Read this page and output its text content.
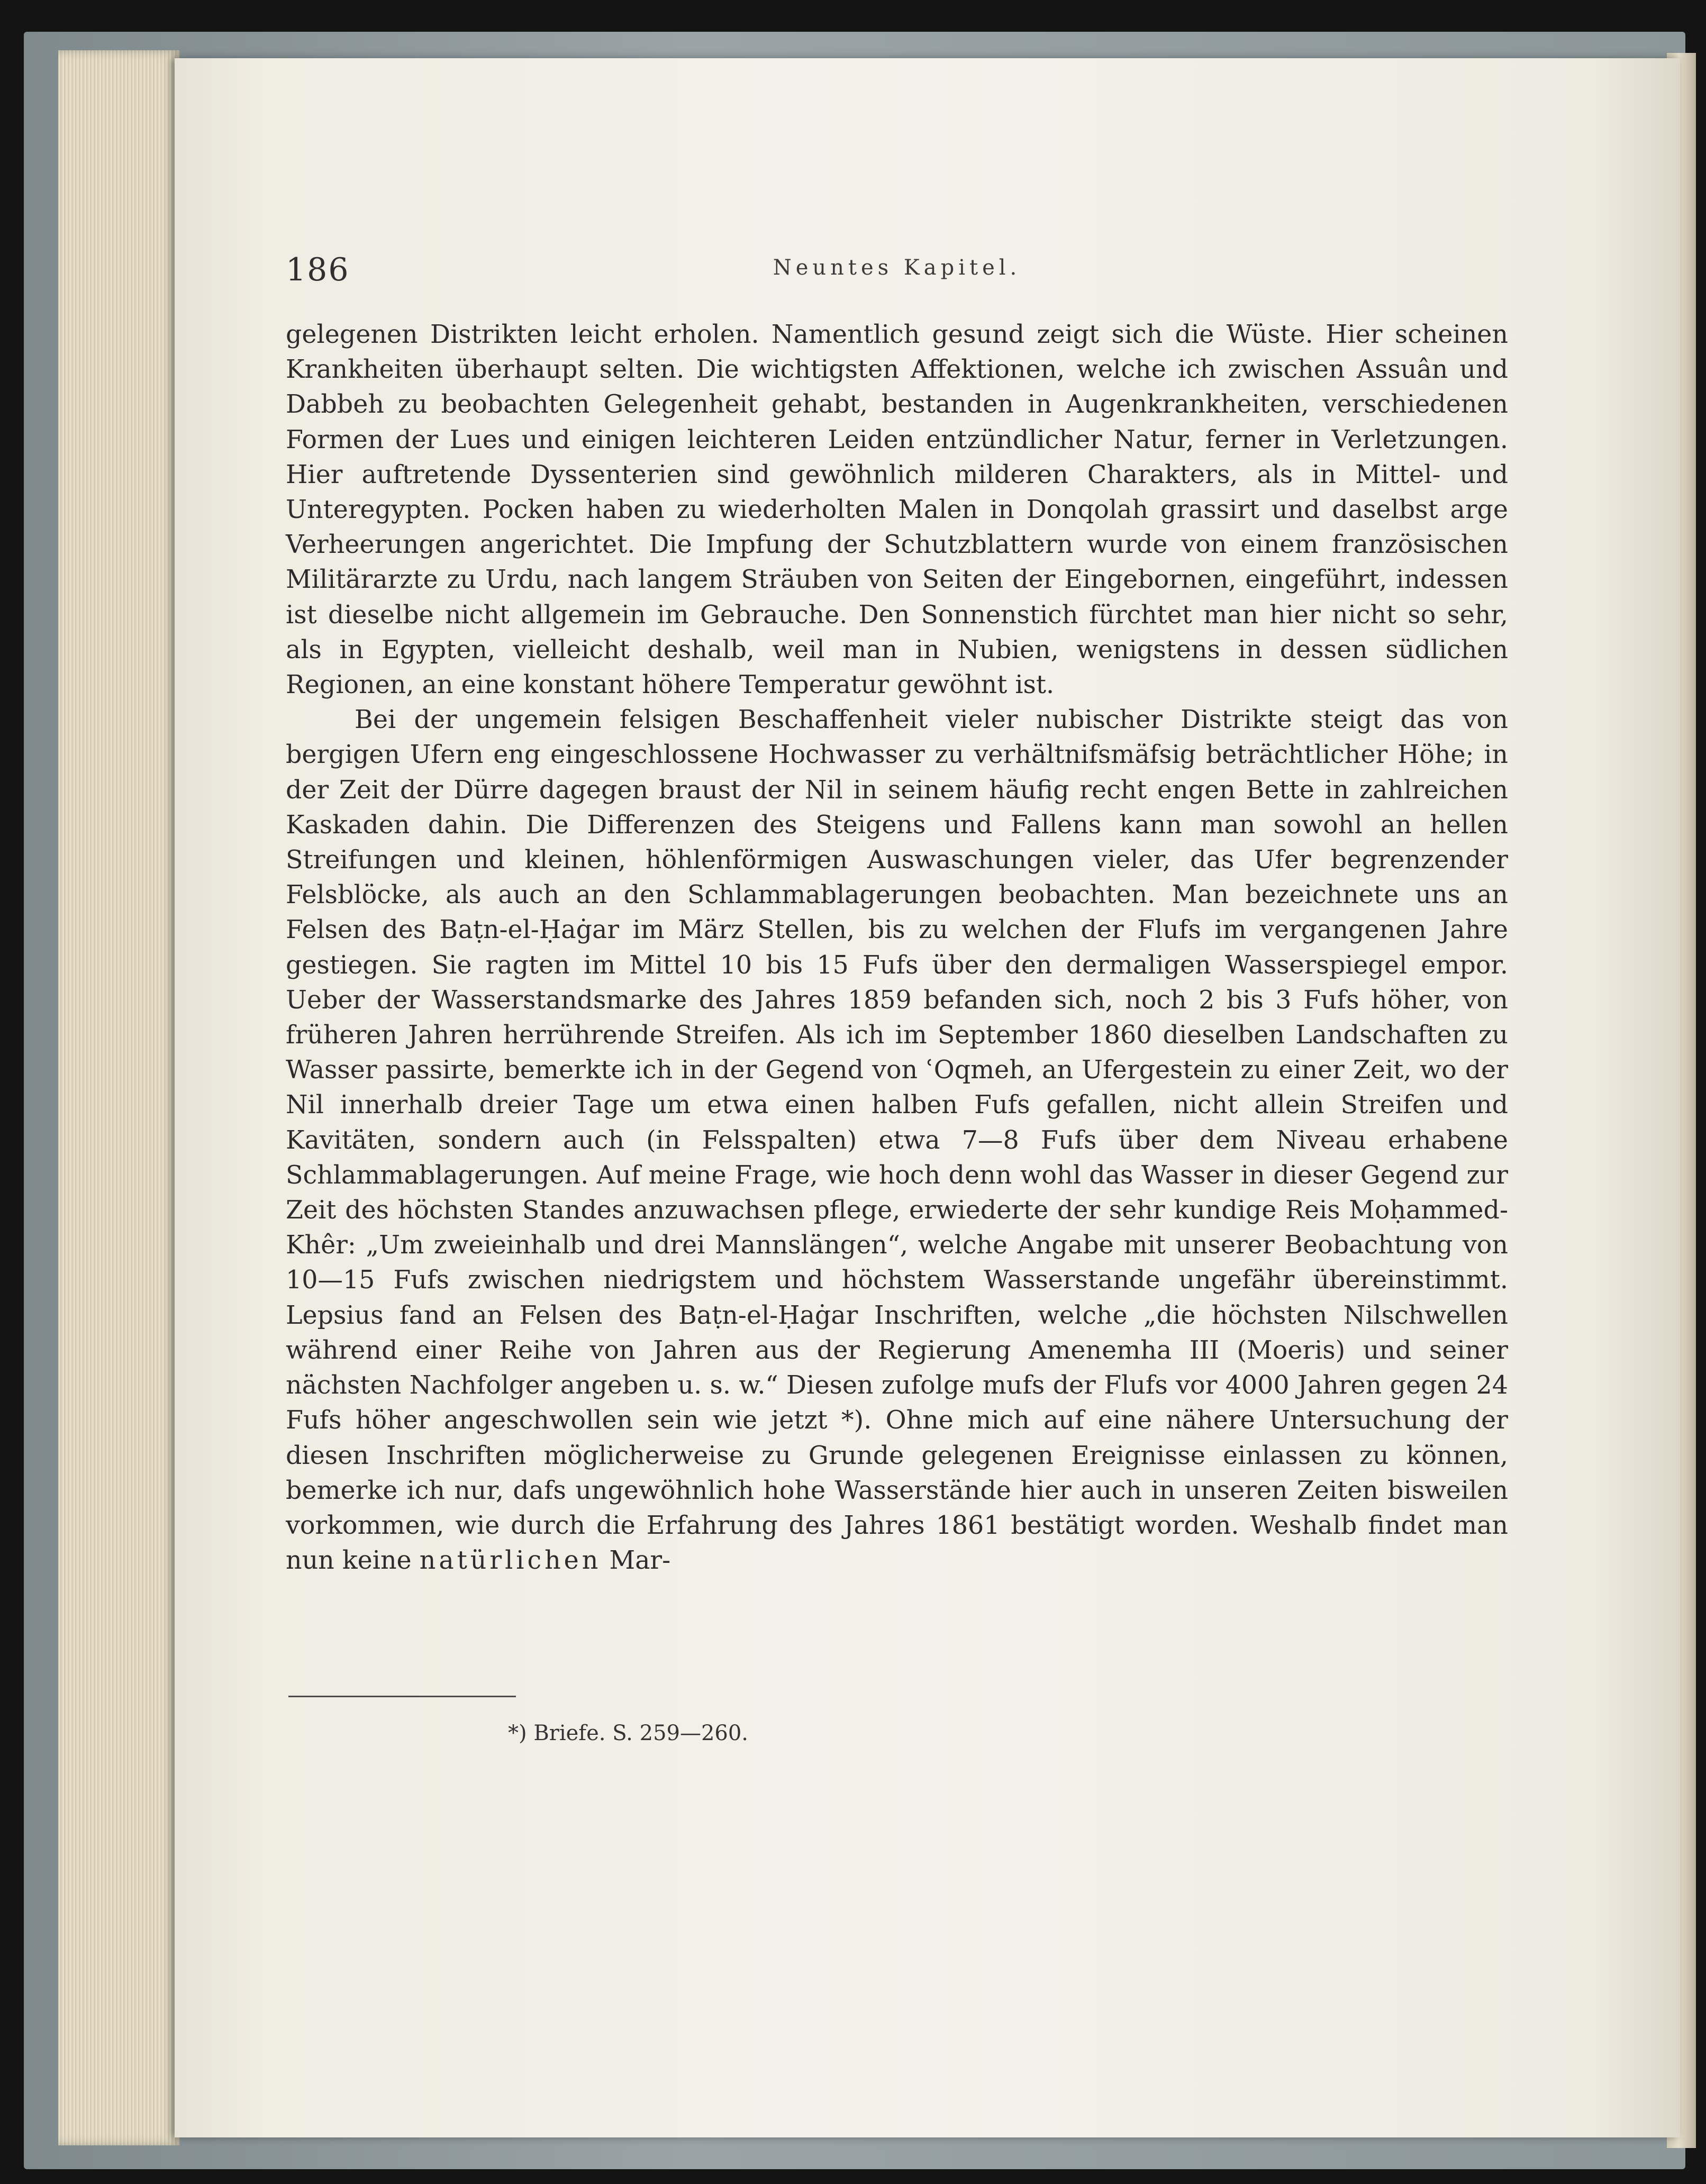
186	Neuntes Kapitel.

gelegenen Distrikten leicht erholen. Namentlich gesund zeigt sich die Wüste. Hier scheinen Krankheiten überhaupt selten. Die wichtigsten Affektionen, welche ich zwischen Assuân und Dabbeh zu beobachten Gelegenheit gehabt, bestanden in Augenkrankheiten, verschiedenen Formen der Lues und einigen leichteren Leiden entzündlicher Natur, ferner in Verletzungen. Hier auftretende Dyssenterien sind gewöhnlich milderen Charakters, als in Mittel- und Unteregypten. Pocken haben zu wiederholten Malen in Donqolah grassirt und daselbst arge Verheerungen angerichtet. Die Impfung der Schutzblattern wurde von einem französischen Militärarzte zu Urdu, nach langem Sträuben von Seiten der Eingebornen, eingeführt, indessen ist dieselbe nicht allgemein im Gebrauche. Den Sonnenstich fürchtet man hier nicht so sehr, als in Egypten, vielleicht deshalb, weil man in Nubien, wenigstens in dessen südlichen Regionen, an eine konstant höhere Temperatur gewöhnt ist.

Bei der ungemein felsigen Beschaffenheit vieler nubischer Distrikte steigt das von bergigen Ufern eng eingeschlossene Hochwasser zu verhältnifsmäfsig beträchtlicher Höhe; in der Zeit der Dürre dagegen braust der Nil in seinem häufig recht engen Bette in zahlreichen Kaskaden dahin. Die Differenzen des Steigens und Fallens kann man sowohl an hellen Streifungen und kleinen, höhlenförmigen Auswaschungen vieler, das Ufer begrenzender Felsblöcke, als auch an den Schlammablagerungen beobachten. Man bezeichnete uns an Felsen des Baṭn-el-Ḥaġar im März Stellen, bis zu welchen der Flufs im vergangenen Jahre gestiegen. Sie ragten im Mittel 10 bis 15 Fufs über den dermaligen Wasserspiegel empor. Ueber der Wasserstandsmarke des Jahres 1859 befanden sich, noch 2 bis 3 Fufs höher, von früheren Jahren herrührende Streifen. Als ich im September 1860 dieselben Landschaften zu Wasser passirte, bemerkte ich in der Gegend von ʿOqmeh, an Ufergestein zu einer Zeit, wo der Nil innerhalb dreier Tage um etwa einen halben Fufs gefallen, nicht allein Streifen und Kavitäten, sondern auch (in Felsspalten) etwa 7—8 Fufs über dem Niveau erhabene Schlammablagerungen. Auf meine Frage, wie hoch denn wohl das Wasser in dieser Gegend zur Zeit des höchsten Standes anzuwachsen pflege, erwiederte der sehr kundige Reis Moḥammed-Khêr: „Um zweieinhalb und drei Mannslängen“, welche Angabe mit unserer Beobachtung von 10—15 Fufs zwischen niedrigstem und höchstem Wasserstande ungefähr übereinstimmt. Lepsius fand an Felsen des Baṭn-el-Ḥaġar Inschriften, welche „die höchsten Nilschwellen während einer Reihe von Jahren aus der Regierung Amenemha III (Moeris) und seiner nächsten Nachfolger angeben u. s. w.“ Diesen zufolge mufs der Flufs vor 4000 Jahren gegen 24 Fufs höher angeschwollen sein wie jetzt *). Ohne mich auf eine nähere Untersuchung der diesen Inschriften möglicherweise zu Grunde gelegenen Ereignisse einlassen zu können, bemerke ich nur, dafs ungewöhnlich hohe Wasserstände hier auch in unseren Zeiten bisweilen vorkommen, wie durch die Erfahrung des Jahres 1861 bestätigt worden. Weshalb findet man nun keine natürlichen Mar-

*) Briefe. S. 259—260.
